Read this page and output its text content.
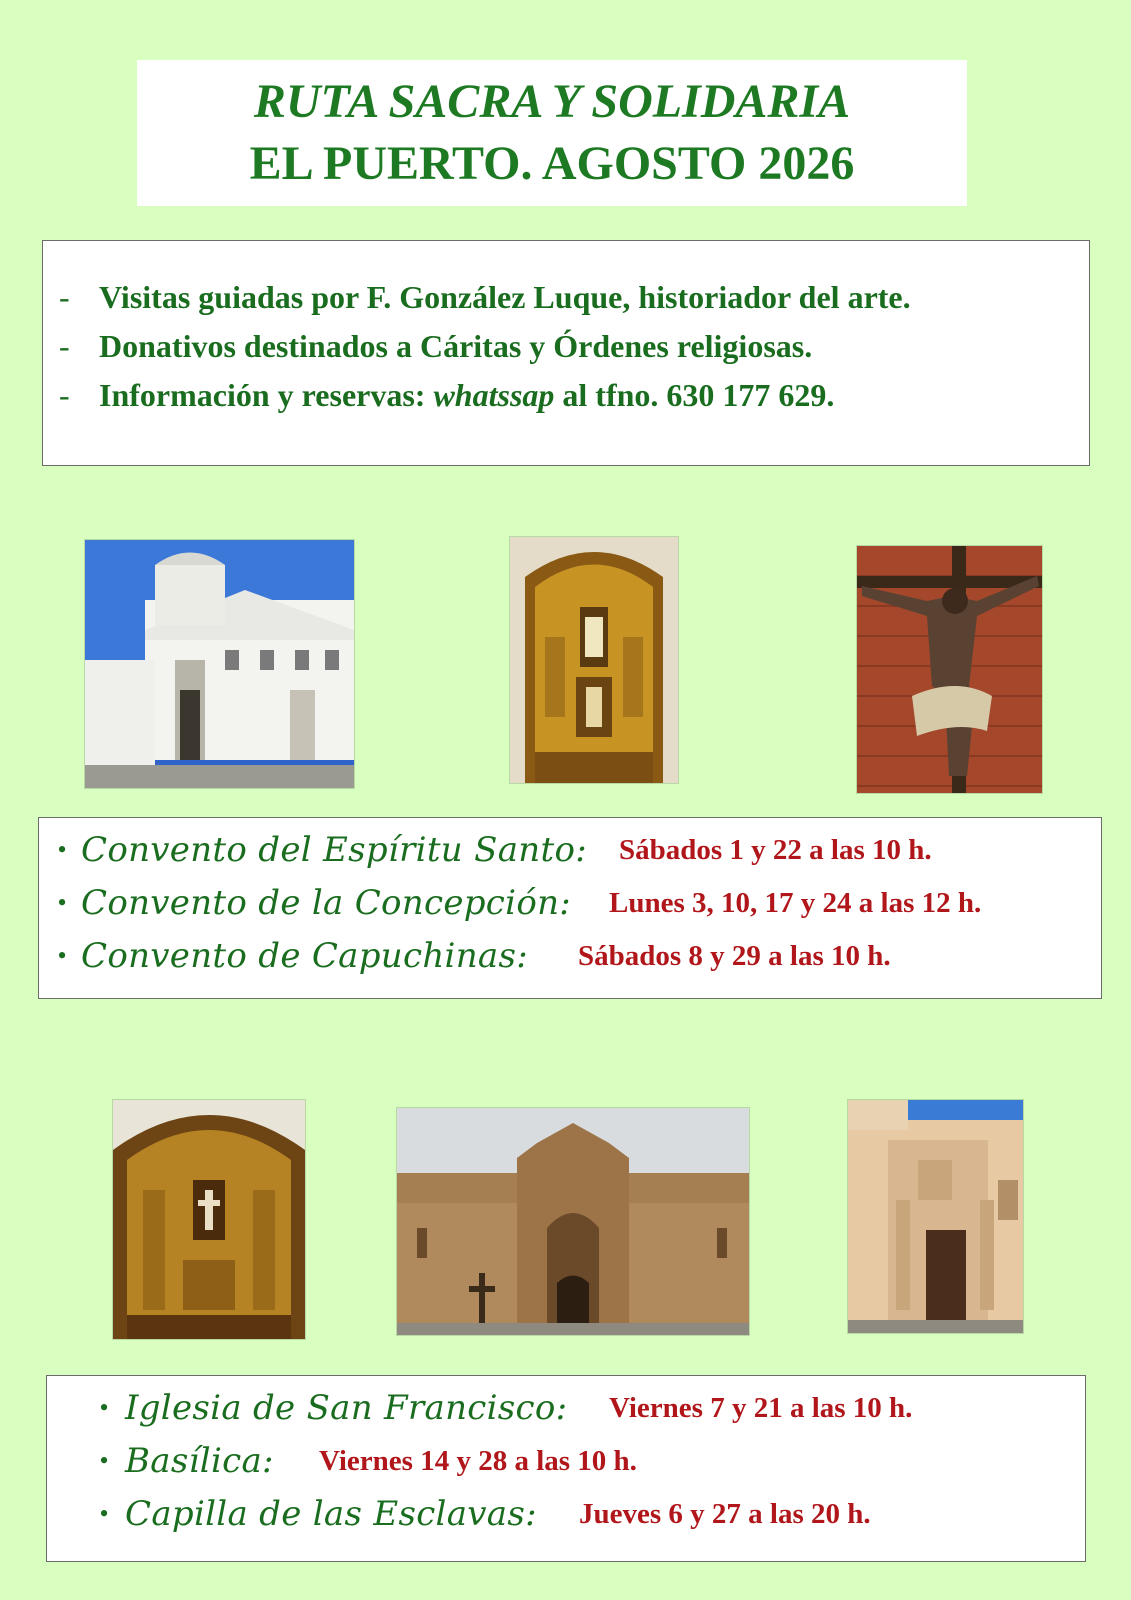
RUTA SACRA Y SOLIDARIA
EL PUERTO. AGOSTO 2026
- Visitas guiadas por F. González Luque, historiador del arte.
- Donativos destinados a Cáritas y Órdenes religiosas.
- Información y reservas: whatssap al tfno. 630 177 629.
• Convento del Espíritu Santo:	Sábados 1 y 22 a las 10 h.
• Convento de la Concepción:	Lunes 3, 10, 17 y 24 a las 12 h.
• Convento de Capuchinas:	Sábados 8 y 29 a las 10 h.
• Iglesia de San Francisco:	Viernes 7 y 21 a las 10 h.
• Basílica:	Viernes 14 y 28 a las 10 h.
• Capilla de las Esclavas:	Jueves 6 y 27 a las 20 h.
